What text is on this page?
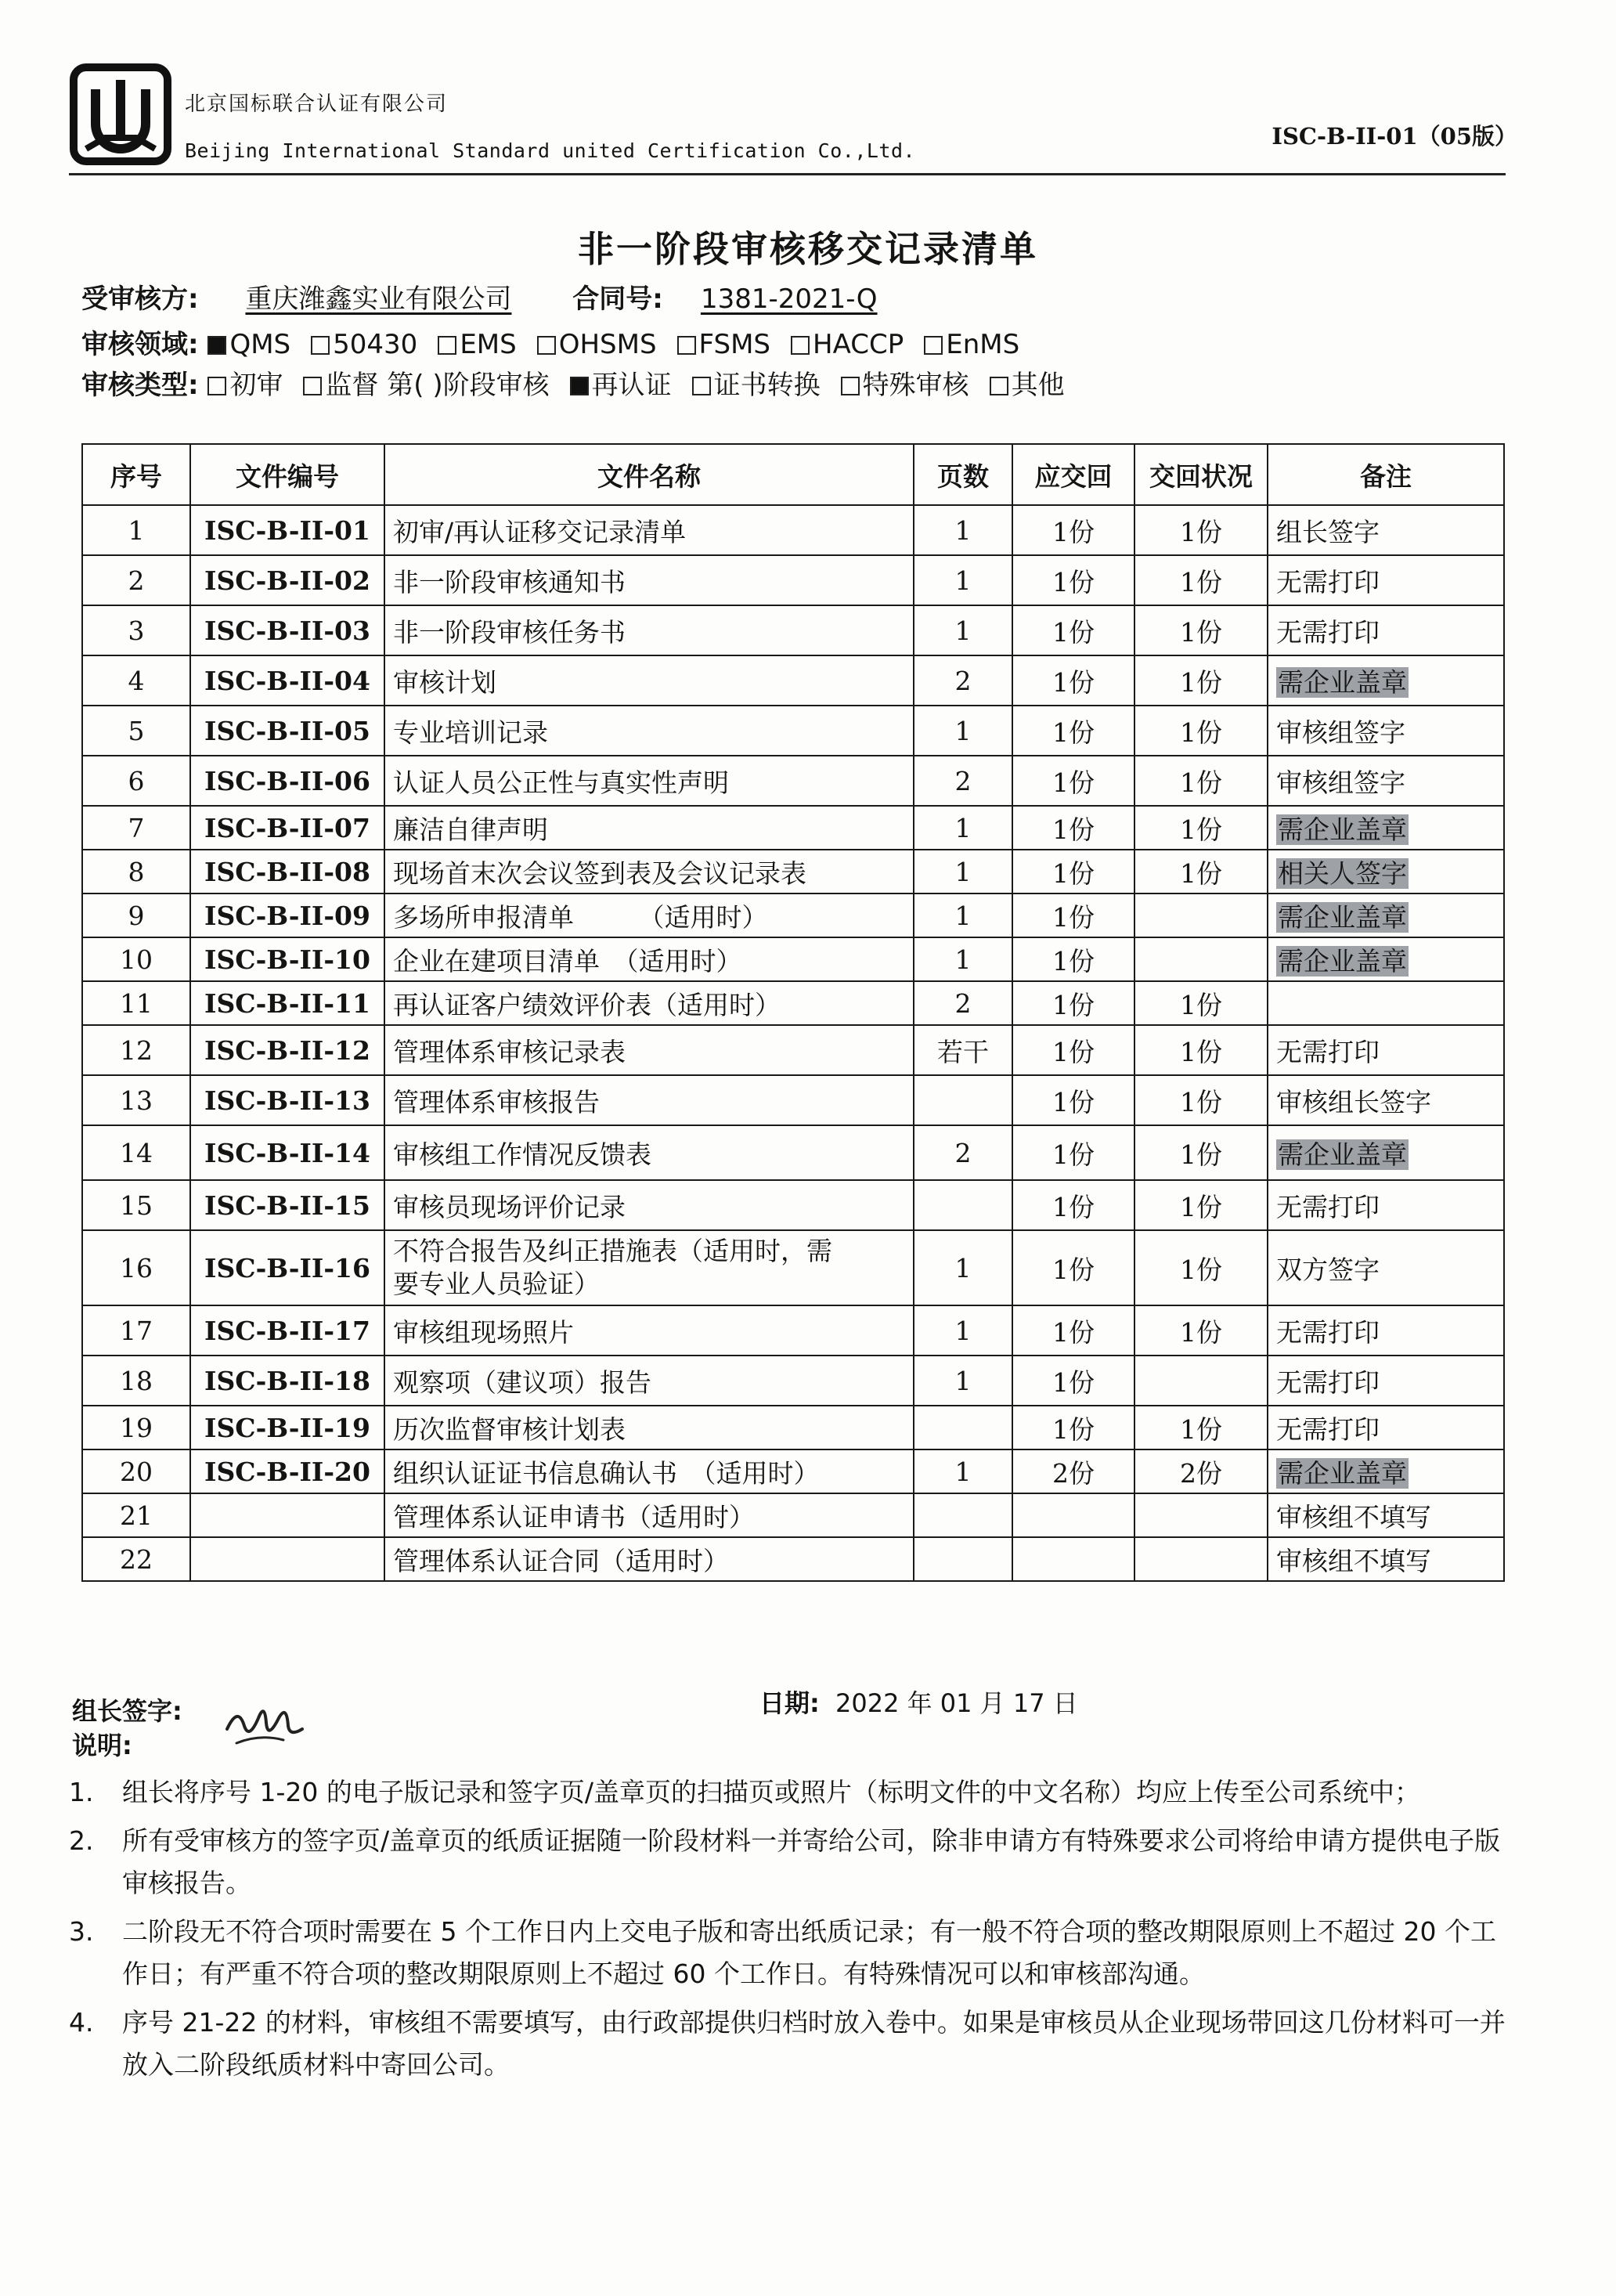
北京国标联合认证有限公司
Beijing International Standard united Certification Co.,Ltd.
ISC-B-II-01（05版）
非一阶段审核移交记录清单
受审核方: 重庆潍鑫实业有限公司 合同号: 1381-2021-Q
审核领域: QMS 50430 EMS OHSMS FSMS HACCP EnMS
审核类型: 初审 监督 第( )阶段审核 再认证 证书转换 特殊审核 其他
序号	文件编号	文件名称	页数	应交回	交回状况	备注
1	ISC-B-II-01	初审/再认证移交记录清单	1	1份	1份	组长签字
2	ISC-B-II-02	非一阶段审核通知书	1	1份	1份	无需打印
3	ISC-B-II-03	非一阶段审核任务书	1	1份	1份	无需打印
4	ISC-B-II-04	审核计划	2	1份	1份	需企业盖章
5	ISC-B-II-05	专业培训记录	1	1份	1份	审核组签字
6	ISC-B-II-06	认证人员公正性与真实性声明	2	1份	1份	审核组签字
7	ISC-B-II-07	廉洁自律声明	1	1份	1份	需企业盖章
8	ISC-B-II-08	现场首末次会议签到表及会议记录表	1	1份	1份	相关人签字
9	ISC-B-II-09	多场所申报清单　　　（适用时）	1	1份		需企业盖章
10	ISC-B-II-10	企业在建项目清单　（适用时）	1	1份		需企业盖章
11	ISC-B-II-11	再认证客户绩效评价表（适用时）	2	1份	1份	
12	ISC-B-II-12	管理体系审核记录表	若干	1份	1份	无需打印
13	ISC-B-II-13	管理体系审核报告		1份	1份	审核组长签字
14	ISC-B-II-14	审核组工作情况反馈表	2	1份	1份	需企业盖章
15	ISC-B-II-15	审核员现场评价记录		1份	1份	无需打印
16	ISC-B-II-16	不符合报告及纠正措施表（适用时，需
要专业人员验证）	1	1份	1份	双方签字
17	ISC-B-II-17	审核组现场照片	1	1份	1份	无需打印
18	ISC-B-II-18	观察项（建议项）报告	1	1份		无需打印
19	ISC-B-II-19	历次监督审核计划表		1份	1份	无需打印
20	ISC-B-II-20	组织认证证书信息确认书　（适用时）	1	2份	2份	需企业盖章
21		管理体系认证申请书（适用时）				审核组不填写
22		管理体系认证合同（适用时）				审核组不填写
组长签字:
说明:
日期: 2022 年 01 月 17 日
1.	组长将序号 1-20 的电子版记录和签字页/盖章页的扫描页或照片（标明文件的中文名称）均应上传至公司系统中；
2.	所有受审核方的签字页/盖章页的纸质证据随一阶段材料一并寄给公司，除非申请方有特殊要求公司将给申请方提供电子版审核报告。
3.	二阶段无不符合项时需要在 5 个工作日内上交电子版和寄出纸质记录；有一般不符合项的整改期限原则上不超过 20 个工作日；有严重不符合项的整改期限原则上不超过 60 个工作日。有特殊情况可以和审核部沟通。
4.	序号 21-22 的材料，审核组不需要填写，由行政部提供归档时放入卷中。如果是审核员从企业现场带回这几份材料可一并放入二阶段纸质材料中寄回公司。
